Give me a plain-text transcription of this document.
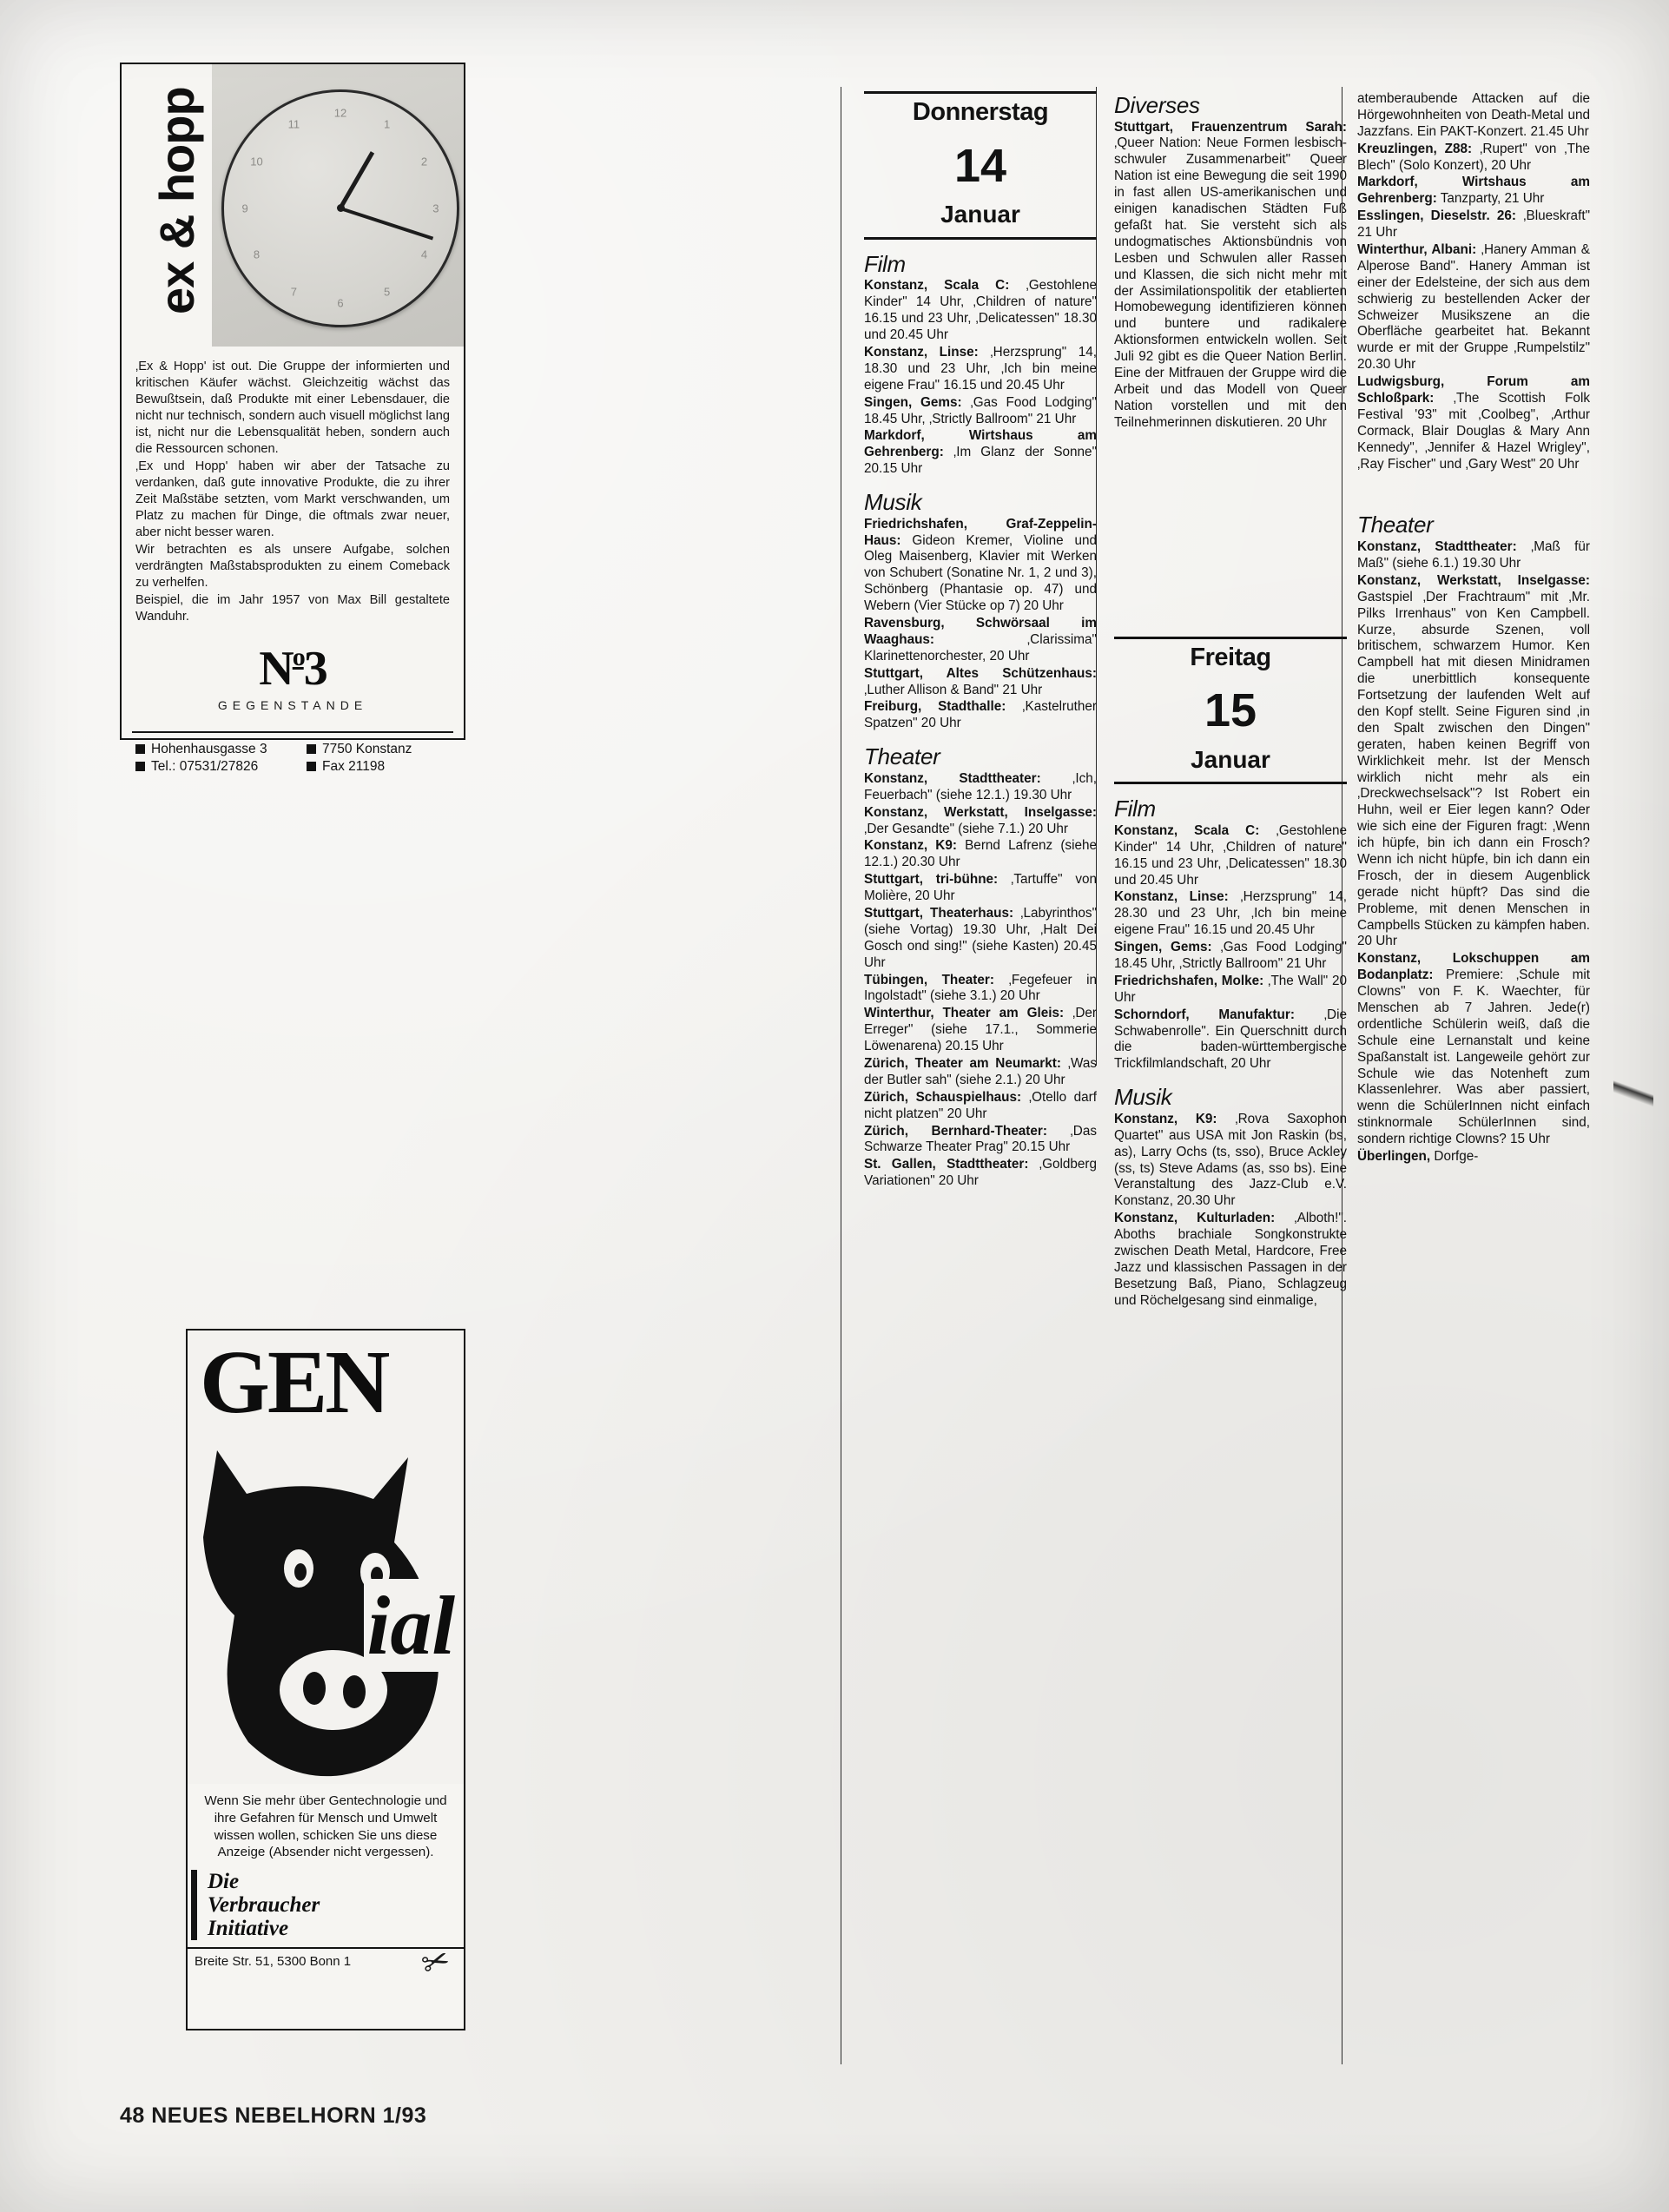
ex & hopp	12
1
2
3
4
5
6
7
8
9
10
11

‚Ex & Hopp' ist out. Die Gruppe der informierten und kritischen Käufer wächst. Gleichzeitig wächst das Bewußtsein, daß Produkte mit einer Lebensdauer, die nicht nur technisch, sondern auch visuell möglichst lang ist, nicht nur die Lebensqualität heben, sondern auch die Ressourcen schonen.

‚Ex und Hopp' haben wir aber der Tatsache zu verdanken, daß gute innovative Produkte, die zu ihrer Zeit Maßstäbe setzten, vom Markt verschwanden, um Platz zu machen für Dinge, die oftmals zwar neuer, aber nicht besser waren.

Wir betrachten es als unsere Aufgabe, solchen verdrängten Maßstabsprodukten zu einem Comeback zu verhelfen.

Beispiel, die im Jahr 1957 von Max Bill gestaltete Wanduhr.

$N^o3$
GEGENSTANDE
Hohenhausgasse 3	7750 Konstanz
Tel.: 07531/27826	Fax 21198
GEN
ial
Wenn Sie mehr über Gentechnologie und ihre Gefahren für Mensch und Umwelt wissen wollen, schicken Sie uns diese Anzeige (Absender nicht vergessen).
Die
Verbraucher
Initiative
✂
Breite Str. 51, 5300 Bonn 1
Donnerstag
14
Januar
Film

Konstanz, Scala C: ‚Gestohlene Kinder" 14 Uhr, ‚Children of nature" 16.15 und 23 Uhr, ‚Delicatessen" 18.30 und 20.45 Uhr

Konstanz, Linse: ‚Herzsprung" 14, 18.30 und 23 Uhr, ‚Ich bin meine eigene Frau" 16.15 und 20.45 Uhr

Singen, Gems: ‚Gas Food Lodging" 18.45 Uhr, ‚Strictly Ballroom" 21 Uhr

Markdorf, Wirtshaus am Gehrenberg: ‚Im Glanz der Sonne" 20.15 Uhr

Musik

Friedrichshafen, Graf-Zeppelin-Haus: Gideon Kremer, Violine und Oleg Maisenberg, Klavier mit Werken von Schubert (Sonatine Nr. 1, 2 und 3), Schönberg (Phantasie op. 47) und Webern (Vier Stücke op 7) 20 Uhr

Ravensburg, Schwörsaal im Waaghaus: ‚Clarissima" Klarinettenorchester, 20 Uhr

Stuttgart, Altes Schützenhaus: ‚Luther Allison & Band" 21 Uhr

Freiburg, Stadthalle: ‚Kastelruther Spatzen" 20 Uhr

Theater

Konstanz, Stadttheater: ‚Ich, Feuerbach" (siehe 12.1.) 19.30 Uhr

Konstanz, Werkstatt, Inselgasse: ‚Der Gesandte" (siehe 7.1.) 20 Uhr

Konstanz, K9: Bernd Lafrenz (siehe 12.1.) 20.30 Uhr

Stuttgart, tri-bühne: ‚Tartuffe" von Molière, 20 Uhr

Stuttgart, Theaterhaus: ‚Labyrinthos" (siehe Vortag) 19.30 Uhr, ‚Halt Dei Gosch ond sing!" (siehe Kasten) 20.45 Uhr

Tübingen, Theater: ‚Fegefeuer in Ingolstadt" (siehe 3.1.) 20 Uhr

Winterthur, Theater am Gleis: ‚Der Erreger" (siehe 17.1., Sommerie Löwenarena) 20.15 Uhr

Zürich, Theater am Neumarkt: ‚Was der Butler sah" (siehe 2.1.) 20 Uhr

Zürich, Schauspielhaus: ‚Otello darf nicht platzen" 20 Uhr

Zürich, Bernhard-Theater: ‚Das Schwarze Theater Prag" 20.15 Uhr

St. Gallen, Stadttheater: ‚Goldberg Variationen" 20 Uhr

Diverses

Stuttgart, Frauenzentrum Sarah: ‚Queer Nation: Neue Formen lesbisch-schwuler Zusammenarbeit" Queer Nation ist eine Bewegung die seit 1990 in fast allen US-amerikanischen und einigen kanadischen Städten Fuß gefaßt hat. Sie versteht sich als undogmatisches Aktionsbündnis von Lesben und Schwulen aller Rassen und Klassen, die sich nicht mehr mit der Assimilationspolitik der etablierten Homobewegung identifizieren können und buntere und radikalere Aktionsformen entwickeln wollen. Seit Juli 92 gibt es die Queer Nation Berlin. Eine der Mitfrauen der Gruppe wird die Arbeit und das Modell von Queer Nation vorstellen und mit den Teilnehmerinnen diskutieren. 20 Uhr

Freitag
15
Januar
Film

Konstanz, Scala C: ‚Gestohlene Kinder" 14 Uhr, ‚Children of nature" 16.15 und 23 Uhr, ‚Delicatessen" 18.30 und 20.45 Uhr

Konstanz, Linse: ‚Herzsprung" 14, 28.30 und 23 Uhr, ‚Ich bin meine eigene Frau" 16.15 und 20.45 Uhr

Singen, Gems: ‚Gas Food Lodging" 18.45 Uhr, ‚Strictly Ballroom" 21 Uhr

Friedrichshafen, Molke: ‚The Wall" 20 Uhr

Schorndorf, Manufaktur: ‚Die Schwabenrolle". Ein Querschnitt durch die baden-württembergische Trickfilmlandschaft, 20 Uhr

Musik

Konstanz, K9: ‚Rova Saxophon Quartet" aus USA mit Jon Raskin (bs, as), Larry Ochs (ts, sso), Bruce Ackley (ss, ts) Steve Adams (as, sso bs). Eine Veranstaltung des Jazz-Club e.V. Konstanz, 20.30 Uhr

Konstanz, Kulturladen: ‚Alboth!". Aboths brachiale Songkonstrukte zwischen Death Metal, Hardcore, Free Jazz und klassischen Passagen in der Besetzung Baß, Piano, Schlagzeug und Röchelgesang sind einmalige,

atemberaubende Attacken auf die Hörgewohnheiten von Death-Metal und Jazzfans. Ein PAKT-Konzert. 21.45 Uhr

Kreuzlingen, Z88: ‚Rupert" von ‚The Blech" (Solo Konzert), 20 Uhr

Markdorf, Wirtshaus am Gehrenberg: Tanzparty, 21 Uhr

Esslingen, Dieselstr. 26: ‚Blueskraft" 21 Uhr

Winterthur, Albani: ‚Hanery Amman & Alperose Band". Hanery Amman ist einer der Edelsteine, der sich aus dem schwierig zu bestellenden Acker der Schweizer Musikszene an die Oberfläche gearbeitet hat. Bekannt wurde er mit der Gruppe ‚Rumpelstilz" 20.30 Uhr

Ludwigsburg, Forum am Schloßpark: ‚The Scottish Folk Festival '93" mit ‚Coolbeg", ‚Arthur Cormack, Blair Douglas & Mary Ann Kennedy", ‚Jennifer & Hazel Wrigley", ‚Ray Fischer" und ‚Gary West" 20 Uhr

Theater

Konstanz, Stadttheater: ‚Maß für Maß" (siehe 6.1.) 19.30 Uhr

Konstanz, Werkstatt, Inselgasse: Gastspiel ‚Der Frachtraum" mit ‚Mr. Pilks Irrenhaus" von Ken Campbell. Kurze, absurde Szenen, voll britischem, schwarzem Humor. Ken Campbell hat mit diesen Minidramen die unerbittlich konsequente Fortsetzung der laufenden Welt auf den Kopf stellt. Seine Figuren sind ‚in den Spalt zwischen den Dingen" geraten, haben keinen Begriff von Wirklichkeit mehr. Ist der Mensch wirklich nicht mehr als ein ‚Dreckwechselsack"? Ist Robert ein Huhn, weil er Eier legen kann? Oder wie sich eine der Figuren fragt: ‚Wenn ich hüpfe, bin ich dann ein Frosch? Wenn ich nicht hüpfe, bin ich dann ein Frosch, der in diesem Augenblick gerade nicht hüpft? Das sind die Probleme, mit denen Menschen in Campbells Stücken zu kämpfen haben. 20 Uhr

Konstanz, Lokschuppen am Bodanplatz: Premiere: ‚Schule mit Clowns" von F. K. Waechter, für Menschen ab 7 Jahren. Jede(r) ordentliche Schülerin weiß, daß die Schule eine Lernanstalt und keine Spaßanstalt ist. Langeweile gehört zur Schule wie das Notenheft zum Klassenlehrer. Was aber passiert, wenn die SchülerInnen nicht einfach stinknormale SchülerInnen sind, sondern richtige Clowns? 15 Uhr

Überlingen, Dorfge-

48 NEUES NEBELHORN 1/93
